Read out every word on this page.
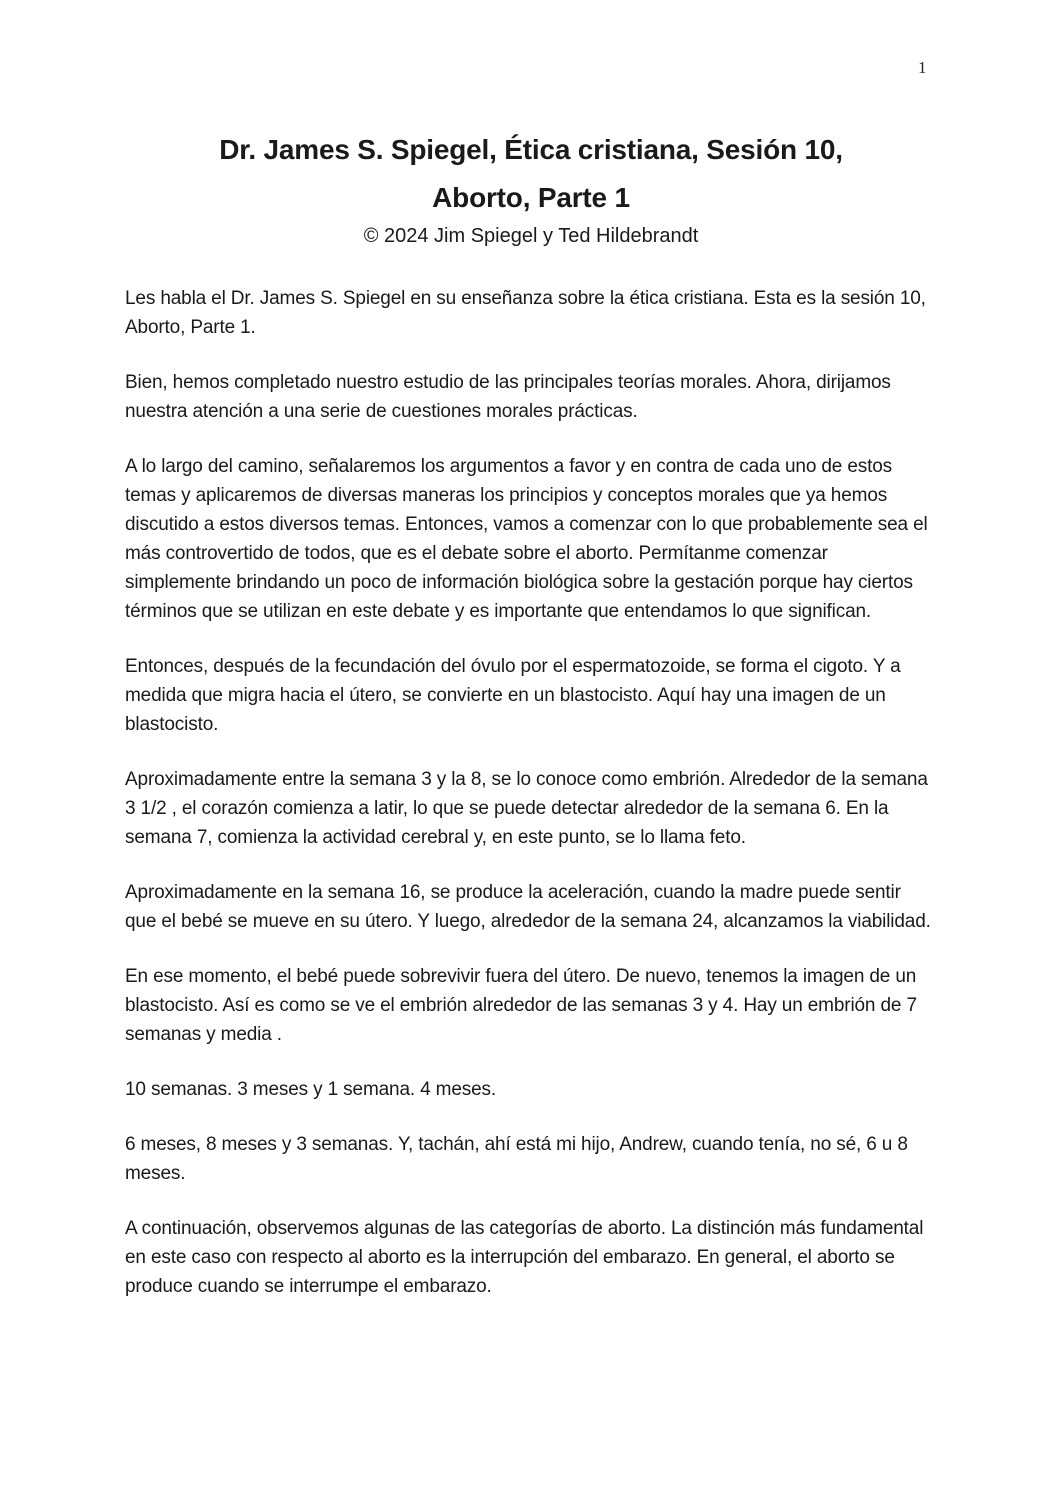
1
Dr. James S. Spiegel, Ética cristiana, Sesión 10,
Aborto, Parte 1
© 2024 Jim Spiegel y Ted Hildebrandt

Les habla el Dr. James S. Spiegel en su enseñanza sobre la ética cristiana. Esta es la sesión 10, Aborto, Parte 1.

Bien, hemos completado nuestro estudio de las principales teorías morales. Ahora, dirijamos nuestra atención a una serie de cuestiones morales prácticas.

A lo largo del camino, señalaremos los argumentos a favor y en contra de cada uno de estos temas y aplicaremos de diversas maneras los principios y conceptos morales que ya hemos discutido a estos diversos temas. Entonces, vamos a comenzar con lo que probablemente sea el más controvertido de todos, que es el debate sobre el aborto. Permítanme comenzar simplemente brindando un poco de información biológica sobre la gestación porque hay ciertos términos que se utilizan en este debate y es importante que entendamos lo que significan.

Entonces, después de la fecundación del óvulo por el espermatozoide, se forma el cigoto. Y a medida que migra hacia el útero, se convierte en un blastocisto. Aquí hay una imagen de un blastocisto.

Aproximadamente entre la semana 3 y la 8, se lo conoce como embrión. Alrededor de la semana 3 1/2 , el corazón comienza a latir, lo que se puede detectar alrededor de la semana 6. En la semana 7, comienza la actividad cerebral y, en este punto, se lo llama feto.

Aproximadamente en la semana 16, se produce la aceleración, cuando la madre puede sentir que el bebé se mueve en su útero. Y luego, alrededor de la semana 24, alcanzamos la viabilidad.

En ese momento, el bebé puede sobrevivir fuera del útero. De nuevo, tenemos la imagen de un blastocisto. Así es como se ve el embrión alrededor de las semanas 3 y 4. Hay un embrión de 7 semanas y media .

10 semanas. 3 meses y 1 semana. 4 meses.

6 meses, 8 meses y 3 semanas. Y, tachán, ahí está mi hijo, Andrew, cuando tenía, no sé, 6 u 8 meses.

A continuación, observemos algunas de las categorías de aborto. La distinción más fundamental en este caso con respecto al aborto es la interrupción del embarazo. En general, el aborto se produce cuando se interrumpe el embarazo.
